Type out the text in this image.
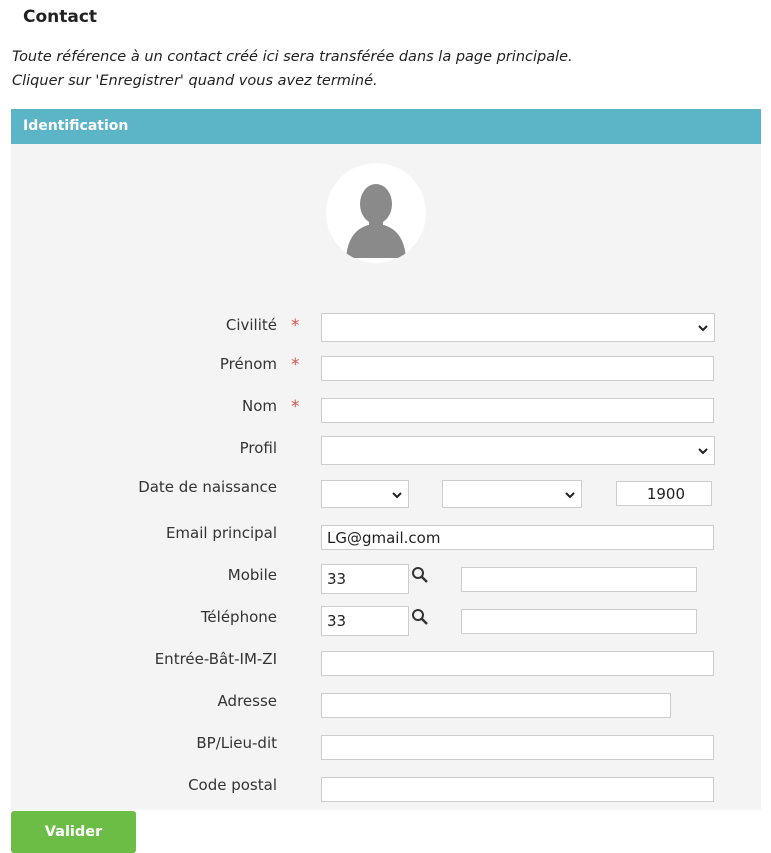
Contact
Toute référence à un contact créé ici sera transférée dans la page principale.
Cliquer sur 'Enregistrer' quand vous avez terminé.
Identification
Civilité *
Prénom *
Nom *
Profil
Date de naissance	1900
Email principal	LG@gmail.com
Mobile	33
Téléphone	33
Entrée-Bât-IM-ZI
Adresse
BP/Lieu-dit
Code postal
Valider
